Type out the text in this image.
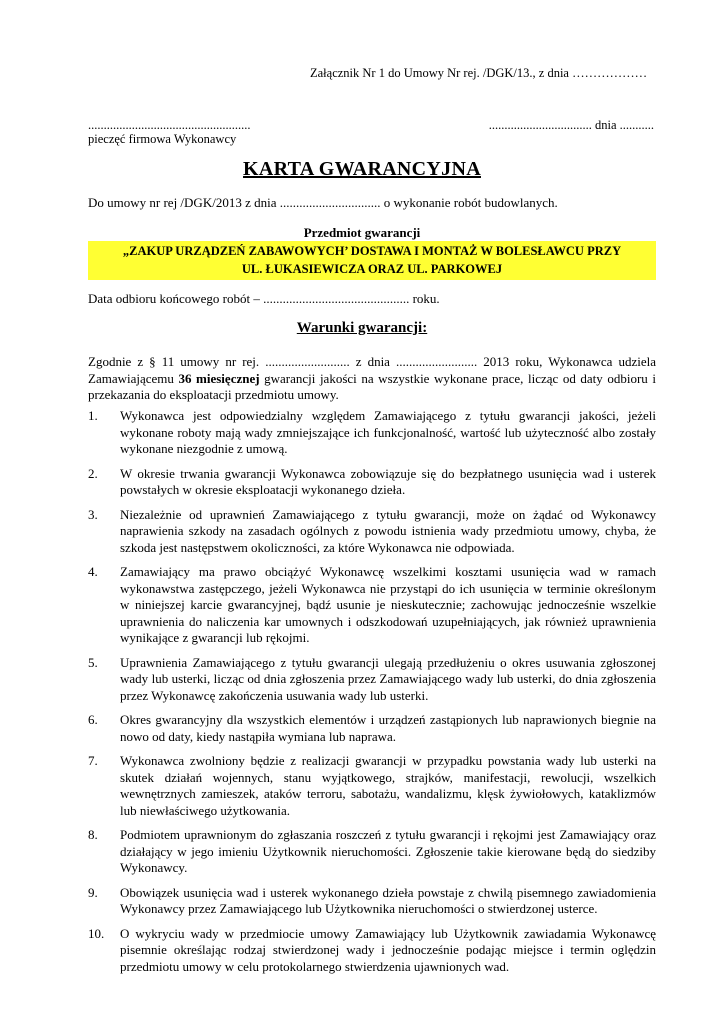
Załącznik Nr 1 do Umowy Nr rej. /DGK/13., z dnia ………………
....................................................
pieczęć firmowa Wykonawcy
................................. dnia ...........
KARTA GWARANCYJNA
Do umowy nr rej /DGK/2013 z dnia ............................... o wykonanie robót budowlanych.
Przedmiot gwarancji
„ZAKUP URZĄDZEŃ ZABAWOWYCH’ DOSTAWA I MONTAŻ W BOLESŁAWCU PRZY
UL. ŁUKASIEWICZA ORAZ UL. PARKOWEJ
Data odbioru końcowego robót – ............................................. roku.
Warunki gwarancji:
Zgodnie z § 11 umowy nr rej. .......................... z dnia ......................... 2013 roku, Wykonawca udziela Zamawiającemu 36 miesięcznej gwarancji jakości na wszystkie wykonane prace, licząc od daty odbioru i przekazania do eksploatacji przedmiotu umowy.
1.	Wykonawca jest odpowiedzialny względem Zamawiającego z tytułu gwarancji jakości, jeżeli wykonane roboty mają wady zmniejszające ich funkcjonalność, wartość lub użyteczność albo zostały wykonane niezgodnie z umową.
2.	W okresie trwania gwarancji Wykonawca zobowiązuje się do bezpłatnego usunięcia wad i usterek powstałych w okresie eksploatacji wykonanego dzieła.
3.	Niezależnie od uprawnień Zamawiającego z tytułu gwarancji, może on żądać od Wykonawcy naprawienia szkody na zasadach ogólnych z powodu istnienia wady przedmiotu umowy, chyba, że szkoda jest następstwem okoliczności, za które Wykonawca nie odpowiada.
4.	Zamawiający ma prawo obciążyć Wykonawcę wszelkimi kosztami usunięcia wad w ramach wykonawstwa zastępczego, jeżeli Wykonawca nie przystąpi do ich usunięcia w terminie określonym w niniejszej karcie gwarancyjnej, bądź usunie je nieskutecznie; zachowując jednocześnie wszelkie uprawnienia do naliczenia kar umownych i odszkodowań uzupełniających, jak również uprawnienia wynikające z gwarancji lub rękojmi.
5.	Uprawnienia Zamawiającego z tytułu gwarancji ulegają przedłużeniu o okres usuwania zgłoszonej wady lub usterki, licząc od dnia zgłoszenia przez Zamawiającego wady lub usterki, do dnia zgłoszenia przez Wykonawcę zakończenia usuwania wady lub usterki.
6.	Okres gwarancyjny dla wszystkich elementów i urządzeń zastąpionych lub naprawionych biegnie na nowo od daty, kiedy nastąpiła wymiana lub naprawa.
7.	Wykonawca zwolniony będzie z realizacji gwarancji w przypadku powstania wady lub usterki na skutek działań wojennych, stanu wyjątkowego, strajków, manifestacji, rewolucji, wszelkich wewnętrznych zamieszek, ataków terroru, sabotażu, wandalizmu, klęsk żywiołowych, kataklizmów lub niewłaściwego użytkowania.
8.	Podmiotem uprawnionym do zgłaszania roszczeń z tytułu gwarancji i rękojmi jest Zamawiający oraz działający w jego imieniu Użytkownik nieruchomości. Zgłoszenie takie kierowane będą do siedziby Wykonawcy.
9.	Obowiązek usunięcia wad i usterek wykonanego dzieła powstaje z chwilą pisemnego zawiadomienia Wykonawcy przez Zamawiającego lub Użytkownika nieruchomości o stwierdzonej usterce.
10.	O wykryciu wady w przedmiocie umowy Zamawiający lub Użytkownik zawiadamia Wykonawcę pisemnie określając rodzaj stwierdzonej wady i jednocześnie podając miejsce i termin oględzin przedmiotu umowy w celu protokolarnego stwierdzenia ujawnionych wad.
